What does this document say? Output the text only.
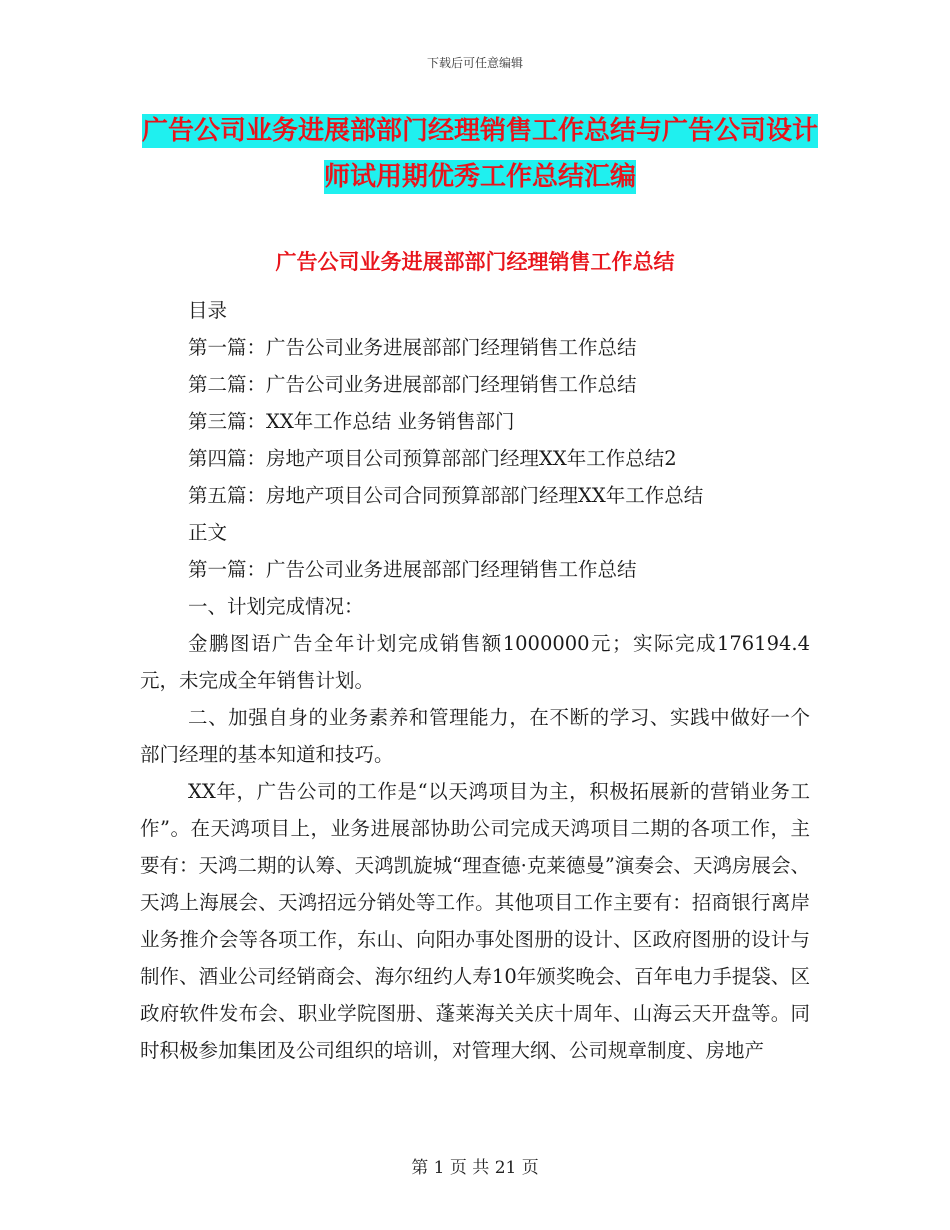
下载后可任意编辑
广告公司业务进展部部门经理销售工作总结与广告公司设计师试用期优秀工作总结汇编
广告公司业务进展部部门经理销售工作总结

目录

第一篇：广告公司业务进展部部门经理销售工作总结

第二篇：广告公司业务进展部部门经理销售工作总结

第三篇：XX年工作总结 业务销售部门

第四篇：房地产项目公司预算部部门经理XX年工作总结2

第五篇：房地产项目公司合同预算部部门经理XX年工作总结

正文

第一篇：广告公司业务进展部部门经理销售工作总结

一、计划完成情况：

金鹏图语广告全年计划完成销售额1000000元；实际完成176194.4元，未完成全年销售计划。

二、加强自身的业务素养和管理能力，在不断的学习、实践中做好一个部门经理的基本知道和技巧。

XX年，广告公司的工作是“以天鸿项目为主，积极拓展新的营销业务工作”。在天鸿项目上，业务进展部协助公司完成天鸿项目二期的各项工作，主要有：天鸿二期的认筹、天鸿凯旋城“理查德·克莱德曼”演奏会、天鸿房展会、天鸿上海展会、天鸿招远分销处等工作。其他项目工作主要有：招商银行离岸业务推介会等各项工作，东山、向阳办事处图册的设计、区政府图册的设计与制作、酒业公司经销商会、海尔纽约人寿10年颁奖晚会、百年电力手提袋、区政府软件发布会、职业学院图册、蓬莱海关关庆十周年、山海云天开盘等。同时积极参加集团及公司组织的培训，对管理大纲、公司规章制度、房地产

第 1 页 共 21 页
